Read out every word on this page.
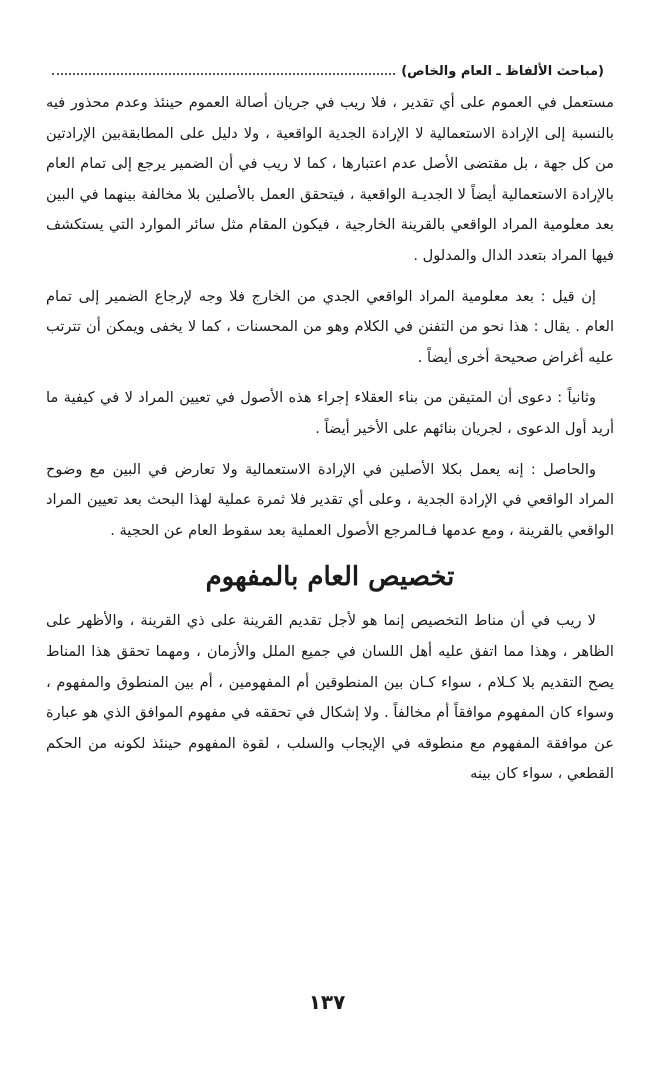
(مباحث الألفاظ ـ العام والخاص)

مستعمل في العموم على أي تقدير ، فلا ريب في جريان أصالة العموم حينئذ وعدم محذور فيه بالنسبة إلى الإرادة الاستعمالية لا الإرادة الجدية الواقعية ، ولا دليل على المطابقةبين الإرادتين من كل جهة ، بل مقتضى الأصل عدم اعتبارها ، كما لا ريب في أن الضمير يرجع إلى تمام العام بالإرادة الاستعمالية أيضاً لا الجديـة الواقعية ، فيتحقق العمل بالأصلين بلا مخالفة بينهما في البين بعد معلومية المراد الواقعي بالقرينة الخارجية ، فيكون المقام مثل سائر الموارد التي يستكشف فيها المراد بتعدد الدال والمدلول .

إن قيل : بعد معلومية المراد الواقعي الجدي من الخارج فلا وجه لإرجاع الضمير إلى تمام العام . يقال : هذا نحو من التفنن في الكلام وهو من المحسنات ، كما لا يخفى ويمكن أن تترتب عليه أغراض صحيحة أخرى أيضاً .

وثانياً : دعوى أن المتيقن من بناء العقلاء إجراء هذه الأصول في تعيين المراد لا في كيفية ما أريد أول الدعوى ، لجريان بنائهم على الأخير أيضاً .

والحاصل : إنه يعمل بكلا الأصلين في الإرادة الاستعمالية ولا تعارض في البين مع وضوح المراد الواقعي في الإرادة الجدية ، وعلى أي تقدير فلا ثمرة عملية لهذا البحث بعد تعيين المراد الواقعي بالقرينة ، ومع عدمها فـالمرجع الأصول العملية بعد سقوط العام عن الحجية .

تخصيص العام بالمفهوم

لا ريب في أن مناط التخصيص إنما هو لأجل تقديم القرينة على ذي القرينة ، والأظهر على الظاهر ، وهذا مما اتفق عليه أهل اللسان في جميع الملل والأزمان ، ومهما تحقق هذا المناط يصح التقديم بلا كـلام ، سواء كـان بين المنطوقين أم المفهومين ، أم بين المنطوق والمفهوم ، وسواء كان المفهوم موافقاً أم مخالفاً . ولا إشكال في تحققه في مفهوم الموافق الذي هو عبارة عن موافقة المفهوم مع منطوقه في الإيجاب والسلب ، لقوة المفهوم حينئذ لكونه من الحكم القطعي ، سواء كان بينه

١٣٧
